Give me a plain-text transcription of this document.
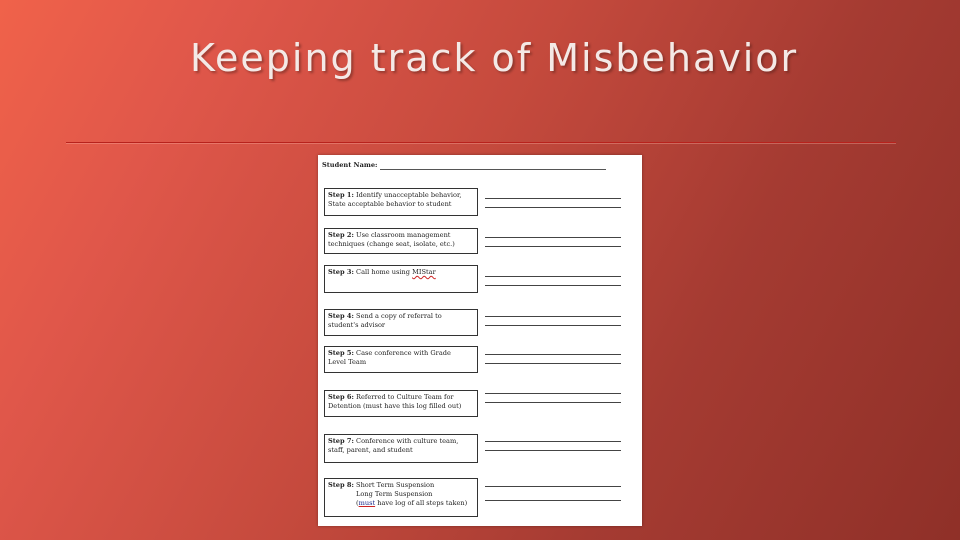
Keeping track of Misbehavior
Student Name:
Step 1: Identify unacceptable behavior,
State acceptable behavior to student
Step 2: Use classroom management
techniques (change seat, isolate, etc.)
Step 3: Call home using MIStar
Step 4: Send a copy of referral to
student's advisor
Step 5: Case conference with Grade
Level Team
Step 6: Referred to Culture Team for
Detention (must have this log filled out)
Step 7: Conference with culture team,
staff, parent, and student
Step 8: Short Term Suspension
Long Term Suspension
(must have log of all steps taken)
